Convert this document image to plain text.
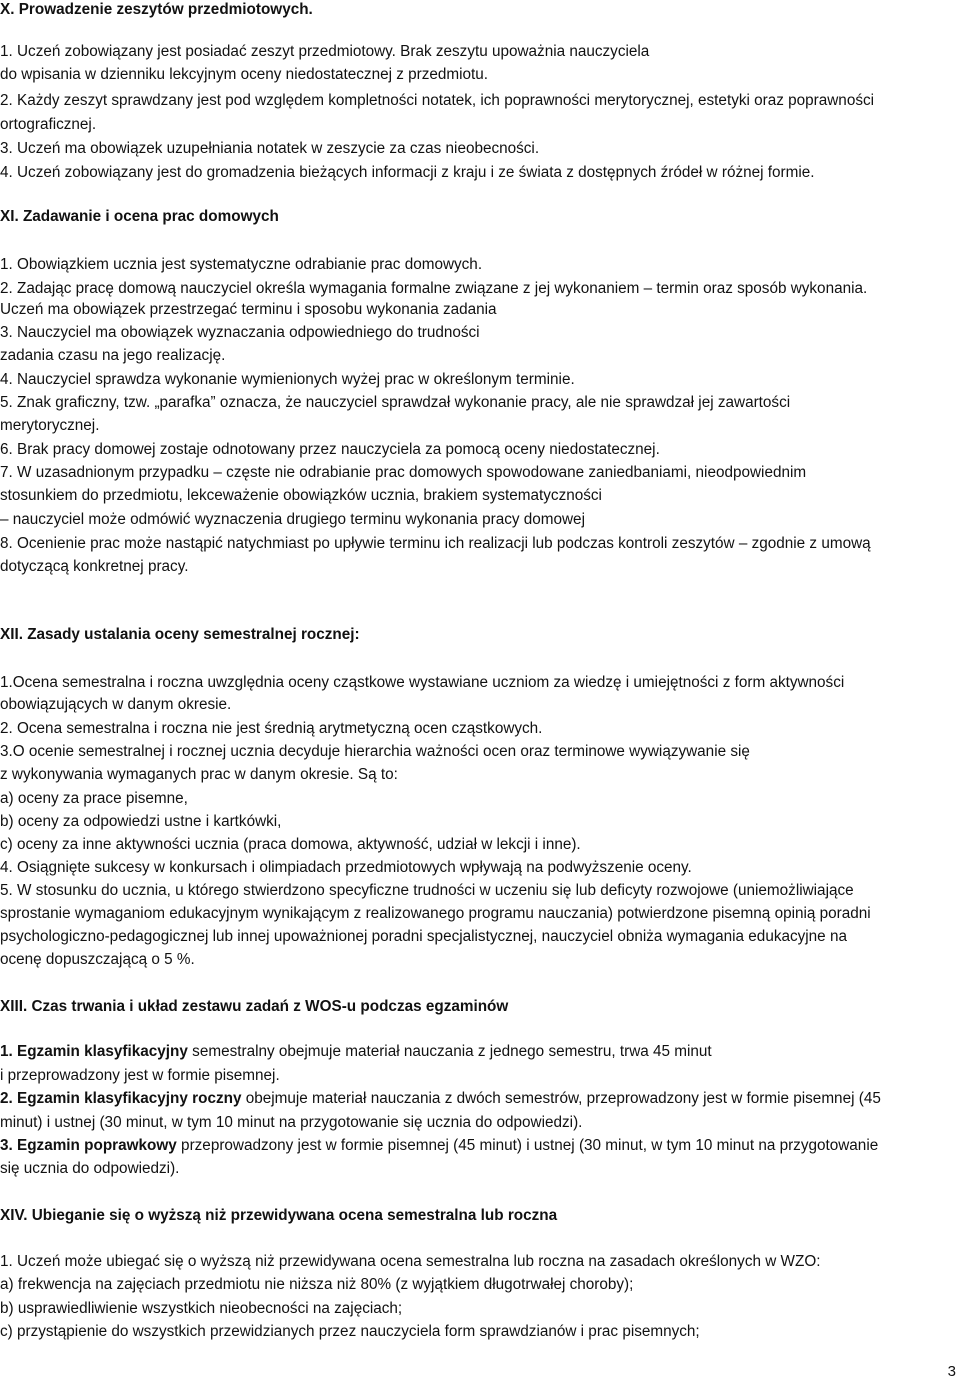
X. Prowadzenie zeszytów przedmiotowych.
1. Uczeń zobowiązany jest posiadać zeszyt przedmiotowy. Brak zeszytu upoważnia nauczyciela
do wpisania w dzienniku lekcyjnym oceny niedostatecznej z przedmiotu.
2. Każdy zeszyt sprawdzany jest pod względem kompletności notatek, ich poprawności merytorycznej, estetyki oraz poprawności
ortograficznej.
3. Uczeń ma obowiązek uzupełniania notatek w zeszycie za czas nieobecności.
4. Uczeń zobowiązany jest do gromadzenia bieżących informacji z kraju i ze świata z dostępnych źródeł w różnej formie.
XI. Zadawanie i ocena prac domowych
1. Obowiązkiem ucznia jest systematyczne odrabianie prac domowych.
2. Zadając pracę domową nauczyciel określa wymagania formalne związane z jej wykonaniem – termin oraz sposób wykonania.
Uczeń ma obowiązek przestrzegać terminu i sposobu wykonania zadania
3. Nauczyciel ma obowiązek wyznaczania odpowiedniego do trudności
zadania czasu na jego realizację.
4. Nauczyciel sprawdza wykonanie wymienionych wyżej prac w określonym terminie.
5. Znak graficzny, tzw. „parafka” oznacza, że nauczyciel sprawdzał wykonanie pracy, ale nie sprawdzał jej zawartości
merytorycznej.
6. Brak pracy domowej zostaje odnotowany przez nauczyciela za pomocą oceny niedostatecznej.
7. W uzasadnionym przypadku – częste nie odrabianie prac domowych spowodowane zaniedbaniami, nieodpowiednim
stosunkiem do przedmiotu, lekceważenie obowiązków ucznia, brakiem systematyczności
– nauczyciel może odmówić wyznaczenia drugiego terminu wykonania pracy domowej
8. Ocenienie prac może nastąpić natychmiast po upływie terminu ich realizacji lub podczas kontroli zeszytów – zgodnie z umową
dotyczącą konkretnej pracy.
XII. Zasady ustalania oceny semestralnej rocznej:
1.Ocena semestralna i roczna uwzględnia oceny cząstkowe wystawiane uczniom za wiedzę i umiejętności z form aktywności
obowiązujących w danym okresie.
2. Ocena semestralna i roczna nie jest średnią arytmetyczną ocen cząstkowych.
3.O ocenie semestralnej i rocznej ucznia decyduje hierarchia ważności ocen oraz terminowe wywiązywanie się
z wykonywania wymaganych prac w danym okresie. Są to:
a) oceny za prace pisemne,
b) oceny za odpowiedzi ustne i kartkówki,
c) oceny za inne aktywności ucznia (praca domowa, aktywność, udział w lekcji i inne).
4. Osiągnięte sukcesy w konkursach i olimpiadach przedmiotowych wpływają na podwyższenie oceny.
5. W stosunku do ucznia, u którego stwierdzono specyficzne trudności w uczeniu się lub deficyty rozwojowe (uniemożliwiające
sprostanie wymaganiom edukacyjnym wynikającym z realizowanego programu nauczania) potwierdzone pisemną opinią poradni
psychologiczno-pedagogicznej lub innej upoważnionej poradni specjalistycznej, nauczyciel obniża wymagania edukacyjne na
ocenę dopuszczającą o 5 %.
XIII. Czas trwania i układ zestawu zadań z WOS-u podczas egzaminów
1. Egzamin klasyfikacyjny semestralny obejmuje materiał nauczania z jednego semestru, trwa 45 minut
i przeprowadzony jest w formie pisemnej.
2. Egzamin klasyfikacyjny roczny obejmuje materiał nauczania z dwóch semestrów, przeprowadzony jest w formie pisemnej (45
minut) i ustnej (30 minut, w tym 10 minut na przygotowanie się ucznia do odpowiedzi).
3. Egzamin poprawkowy przeprowadzony jest w formie pisemnej (45 minut) i ustnej (30 minut, w tym 10 minut na przygotowanie
się ucznia do odpowiedzi).
XIV. Ubieganie się o wyższą niż przewidywana ocena semestralna lub roczna
1. Uczeń może ubiegać się o wyższą niż przewidywana ocena semestralna lub roczna na zasadach określonych w WZO:
a) frekwencja na zajęciach przedmiotu nie niższa niż 80% (z wyjątkiem długotrwałej choroby);
b) usprawiedliwienie wszystkich nieobecności na zajęciach;
c) przystąpienie do wszystkich przewidzianych przez nauczyciela form sprawdzianów i prac pisemnych;
3
